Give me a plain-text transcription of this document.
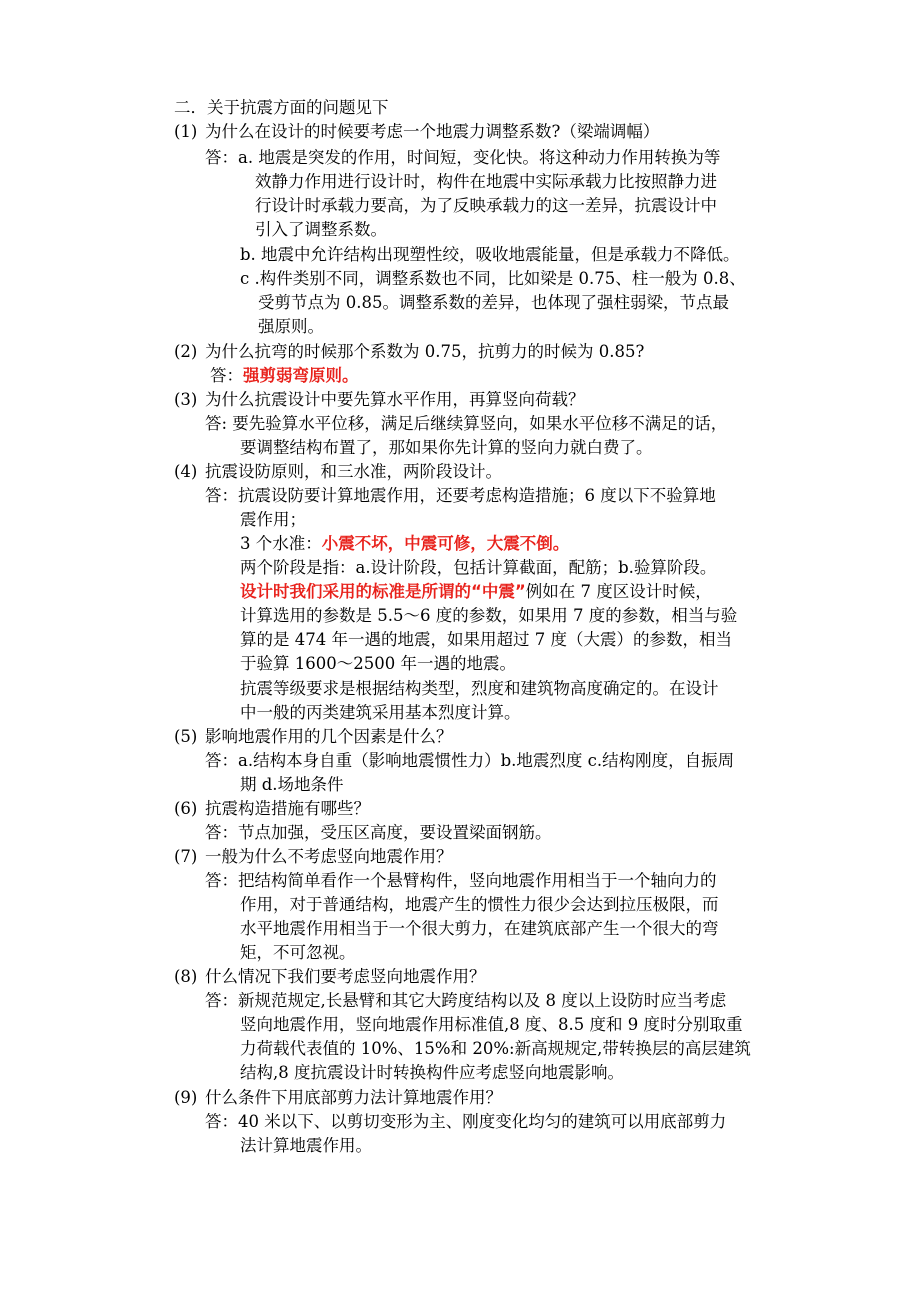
二．关于抗震方面的问题见下
(1) 为什么在设计的时候要考虑一个地震力调整系数?（梁端调幅）
答：a. 地震是突发的作用，时间短，变化快。将这种动力作用转换为等
效静力作用进行设计时，构件在地震中实际承载力比按照静力进
行设计时承载力要高，为了反映承载力的这一差异，抗震设计中
引入了调整系数。
b. 地震中允许结构出现塑性绞，吸收地震能量，但是承载力不降低。
c .构件类别不同，调整系数也不同，比如梁是 0.75、柱一般为 0.8、
受剪节点为 0.85。调整系数的差异，也体现了强柱弱梁，节点最
强原则。
(2) 为什么抗弯的时候那个系数为 0.75，抗剪力的时候为 0.85?
答：强剪弱弯原则。
(3) 为什么抗震设计中要先算水平作用，再算竖向荷载？
答: 要先验算水平位移，满足后继续算竖向，如果水平位移不满足的话，
要调整结构布置了，那如果你先计算的竖向力就白费了。
(4) 抗震设防原则，和三水准，两阶段设计。
答：抗震设防要计算地震作用，还要考虑构造措施；6 度以下不验算地
震作用；
3 个水准：小震不坏，中震可修，大震不倒。
两个阶段是指：a.设计阶段，包括计算截面，配筋；b.验算阶段。
设计时我们采用的标准是所谓的“中震”例如在 7 度区设计时候，
计算选用的参数是 5.5～6 度的参数，如果用 7 度的参数，相当与验
算的是 474 年一遇的地震，如果用超过 7 度（大震）的参数，相当
于验算 1600～2500 年一遇的地震。
抗震等级要求是根据结构类型，烈度和建筑物高度确定的。在设计
中一般的丙类建筑采用基本烈度计算。
(5) 影响地震作用的几个因素是什么？
答：a.结构本身自重（影响地震惯性力）b.地震烈度 c.结构刚度，自振周
期 d.场地条件
(6) 抗震构造措施有哪些？
答：节点加强，受压区高度，要设置梁面钢筋。
(7) 一般为什么不考虑竖向地震作用？
答：把结构简单看作一个悬臂构件，竖向地震作用相当于一个轴向力的
作用，对于普通结构，地震产生的惯性力很少会达到拉压极限，而
水平地震作用相当于一个很大剪力，在建筑底部产生一个很大的弯
矩，不可忽视。
(8) 什么情况下我们要考虑竖向地震作用？
答：新规范规定,长悬臂和其它大跨度结构以及 8 度以上设防时应当考虑
竖向地震作用，竖向地震作用标准值,8 度、8.5 度和 9 度时分别取重
力荷载代表值的 10%、15%和 20%:新高规规定,带转换层的高层建筑
结构,8 度抗震设计时转换构件应考虑竖向地震影响。
(9) 什么条件下用底部剪力法计算地震作用？
答：40 米以下、以剪切变形为主、刚度变化均匀的建筑可以用底部剪力
法计算地震作用。
